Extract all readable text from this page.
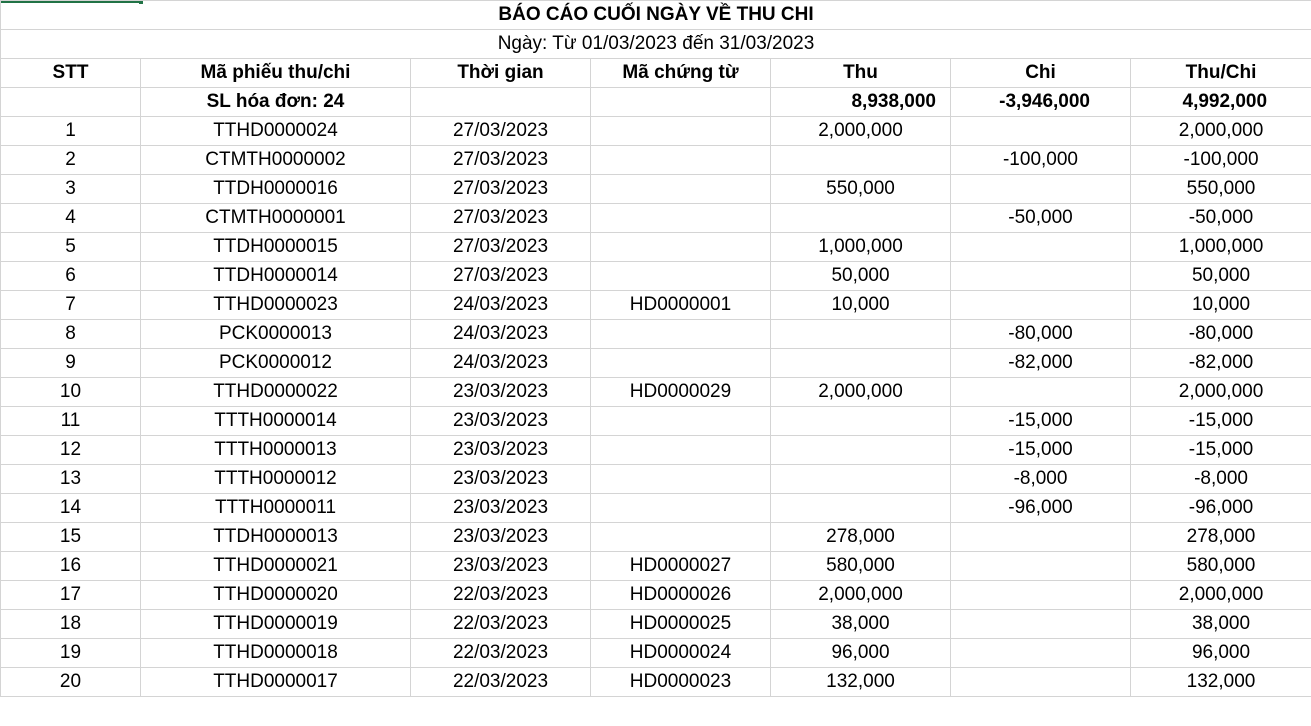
BÁO CÁO CUỐI NGÀY VỀ THU CHI						
Ngày: Từ 01/03/2023 đến 31/03/2023						
STT	Mã phiếu thu/chi	Thời gian	Mã chứng từ	Thu	Chi	Thu/Chi
	SL hóa đơn: 24			8,938,000	-3,946,000	4,992,000
1	TTHD0000024	27/03/2023		2,000,000		2,000,000
2	CTMTH0000002	27/03/2023			-100,000	-100,000
3	TTDH0000016	27/03/2023		550,000		550,000
4	CTMTH0000001	27/03/2023			-50,000	-50,000
5	TTDH0000015	27/03/2023		1,000,000		1,000,000
6	TTDH0000014	27/03/2023		50,000		50,000
7	TTHD0000023	24/03/2023	HD0000001	10,000		10,000
8	PCK0000013	24/03/2023			-80,000	-80,000
9	PCK0000012	24/03/2023			-82,000	-82,000
10	TTHD0000022	23/03/2023	HD0000029	2,000,000		2,000,000
11	TTTH0000014	23/03/2023			-15,000	-15,000
12	TTTH0000013	23/03/2023			-15,000	-15,000
13	TTTH0000012	23/03/2023			-8,000	-8,000
14	TTTH0000011	23/03/2023			-96,000	-96,000
15	TTDH0000013	23/03/2023		278,000		278,000
16	TTHD0000021	23/03/2023	HD0000027	580,000		580,000
17	TTHD0000020	22/03/2023	HD0000026	2,000,000		2,000,000
18	TTHD0000019	22/03/2023	HD0000025	38,000		38,000
19	TTHD0000018	22/03/2023	HD0000024	96,000		96,000
20	TTHD0000017	22/03/2023	HD0000023	132,000		132,000
